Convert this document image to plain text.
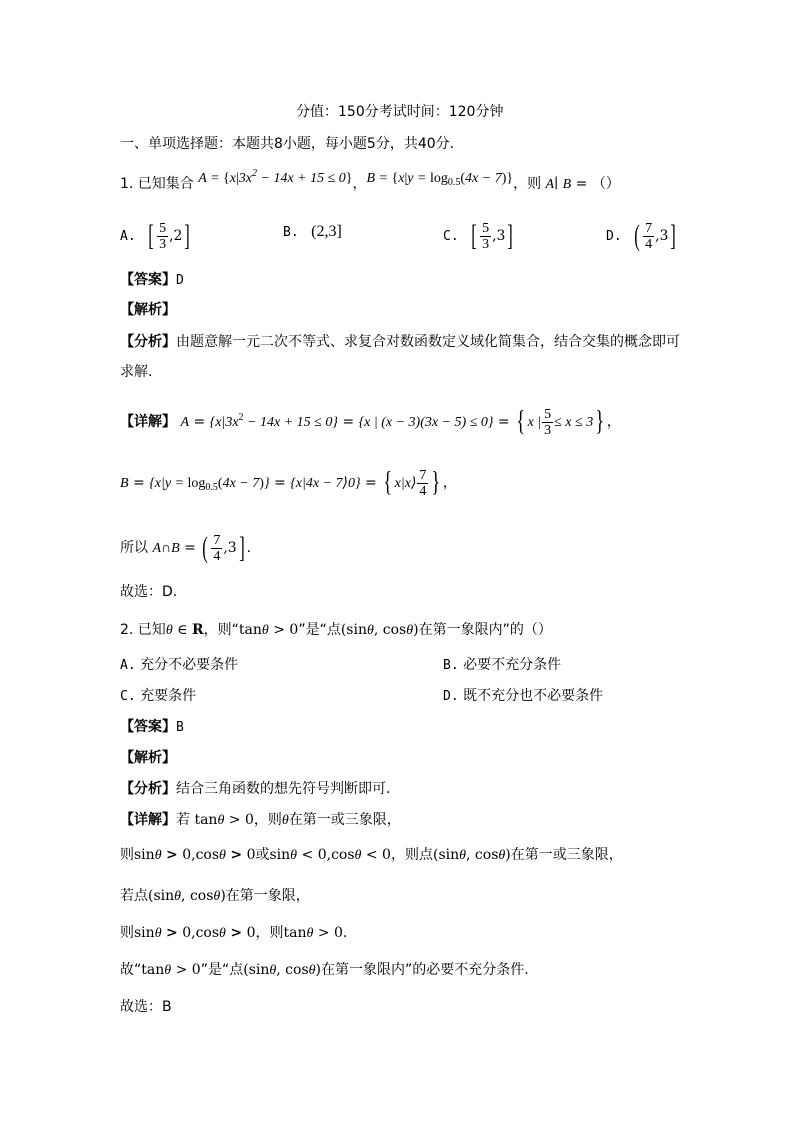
分值：150分考试时间：120分钟
一、单项选择题：本题共8小题，每小题5分，共40分．
1. 已知集合 $A = \{x|3x^2 - 14x + 15 \le 0\}$，$B = \{x|y = \log_{0.5}(4x - 7)\}$，则 A∣ B = （）
A. [ $\frac{5}{3} ,2$]	B. (2,3]	C. [ $\frac{5}{3} ,3$]	D. ( $\frac{7}{4} ,3$]
【答案】D
【解析】
【分析】由题意解一元二次不等式、求复合对数函数定义域化简集合，结合交集的概念即可
求解.
【详解】 $A = \{x|3x^2 - 14x + 15 \le 0\} = \{x$ | (x − 3)(3x − 5) ≤ 0} = { x | $\frac{5}{3} \le x \le 3$} ，
$B = \{x|y = \log_{0.5}(4x - 7)\} = \{x|4x$ − 7⟩0} = { x|x⟩ $\frac{7}{4}$ } ，
所以 A∩B = ( $\frac{7}{4} ,3$] .
故选：D.
2. 已知θ ∈ R，则“tanθ > 0”是“点(sinθ, cosθ)在第一象限内”的（）
A. 充分不必要条件	B. 必要不充分条件
C. 充要条件	D. 既不充分也不必要条件
【答案】B
【解析】
【分析】结合三角函数的想先符号判断即可.
【详解】若 tanθ > 0，则θ在第一或三象限，
则sinθ > 0,cosθ > 0或sinθ < 0,cosθ < 0，则点(sinθ, cosθ)在第一或三象限，
若点(sinθ, cosθ)在第一象限，
则sinθ > 0,cosθ > 0，则tanθ > 0.
故“tanθ > 0”是“点(sinθ, cosθ)在第一象限内”的必要不充分条件.
故选：B
